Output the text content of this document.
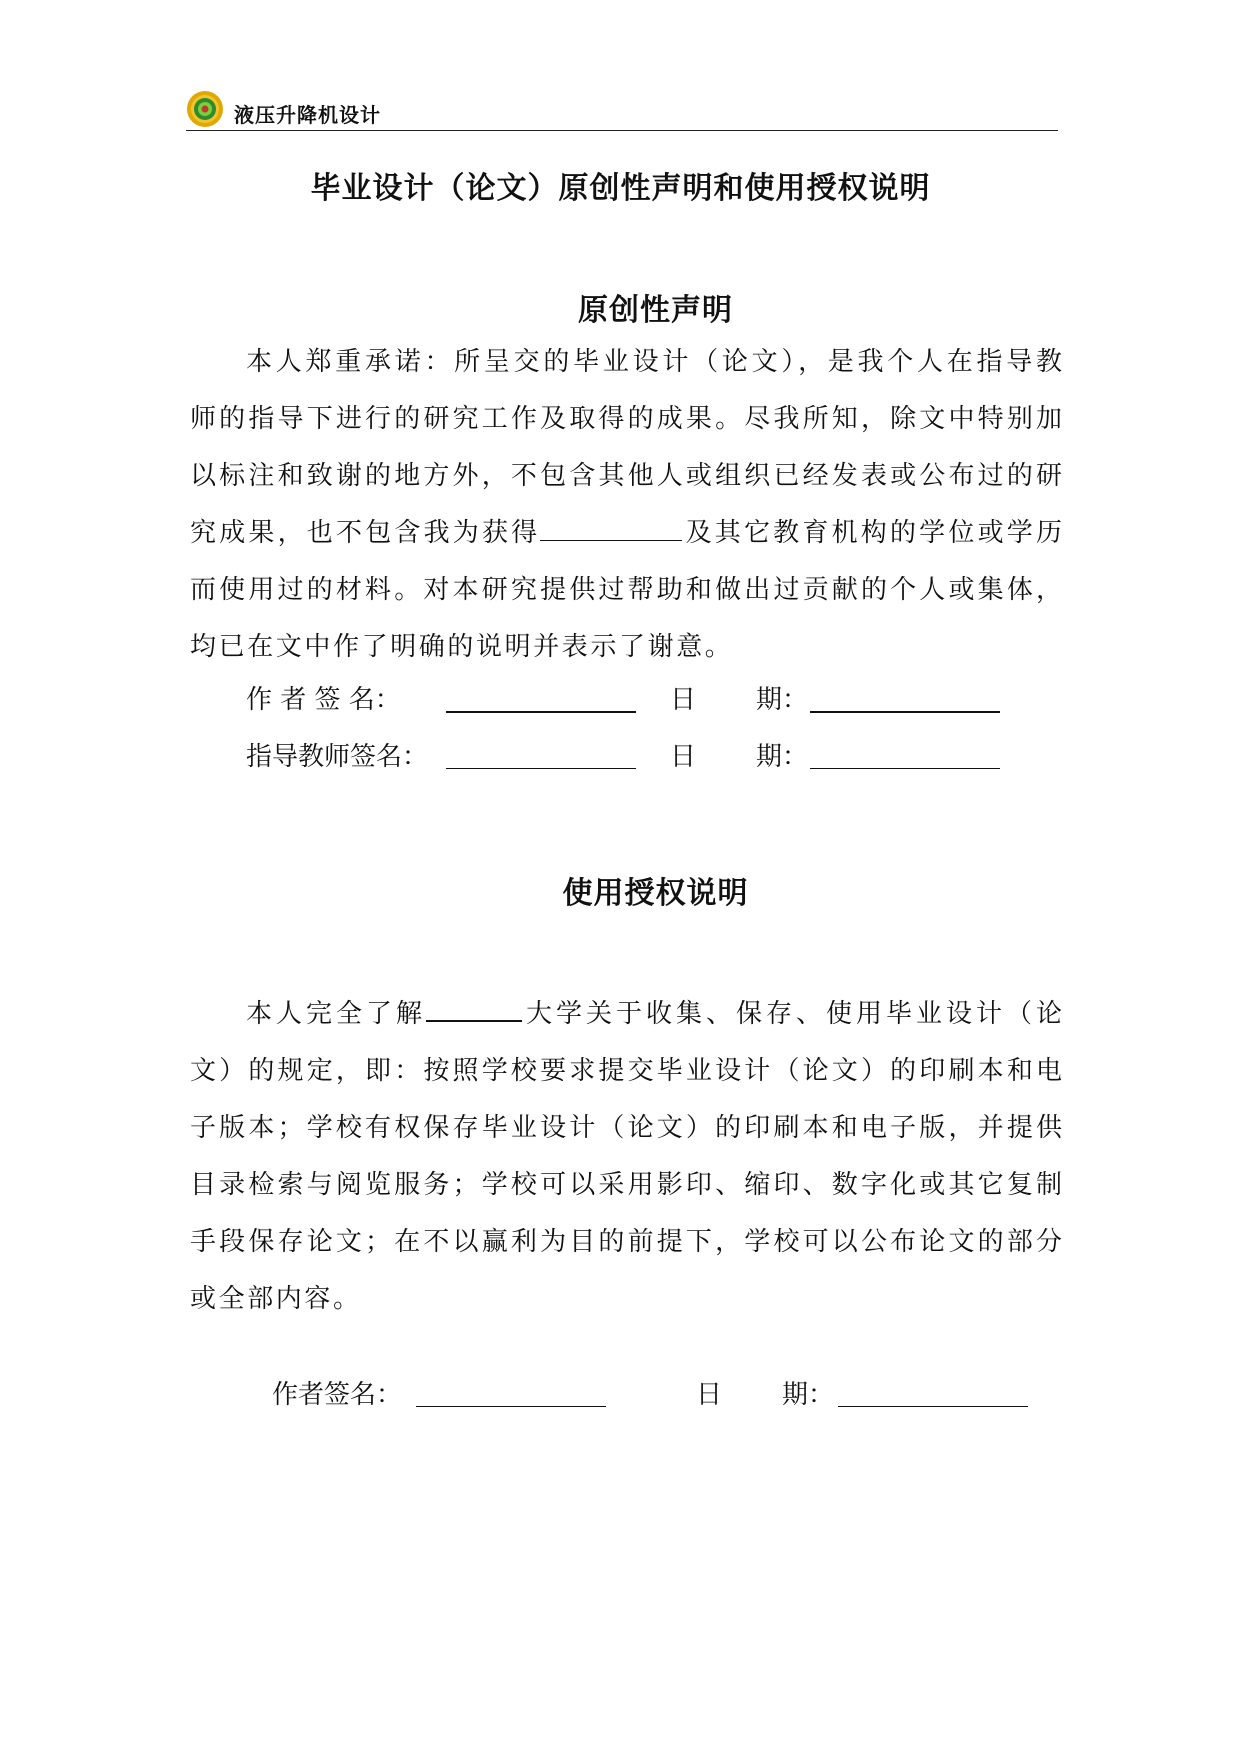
液压升降机设计
毕业设计（论文）原创性声明和使用授权说明
原创性声明
本人郑重承诺：所呈交的毕业设计（论文），是我个人在指导教
师的指导下进行的研究工作及取得的成果。尽我所知，除文中特别加
以标注和致谢的地方外，不包含其他人或组织已经发表或公布过的研
究成果，也不包含我为获得	及其它教育机构的学位或学历
而使用过的材料。对本研究提供过帮助和做出过贡献的个人或集体，
均已在文中作了明确的说明并表示了谢意。
作 者 签 名：	日 期：
指导教师签名：	日 期：
使用授权说明
本人完全了解	大学关于收集、保存、使用毕业设计（论
文）的规定，即：按照学校要求提交毕业设计（论文）的印刷本和电
子版本；学校有权保存毕业设计（论文）的印刷本和电子版，并提供
目录检索与阅览服务；学校可以采用影印、缩印、数字化或其它复制
手段保存论文；在不以赢利为目的前提下，学校可以公布论文的部分
或全部内容。
作者签名：	日 期：
